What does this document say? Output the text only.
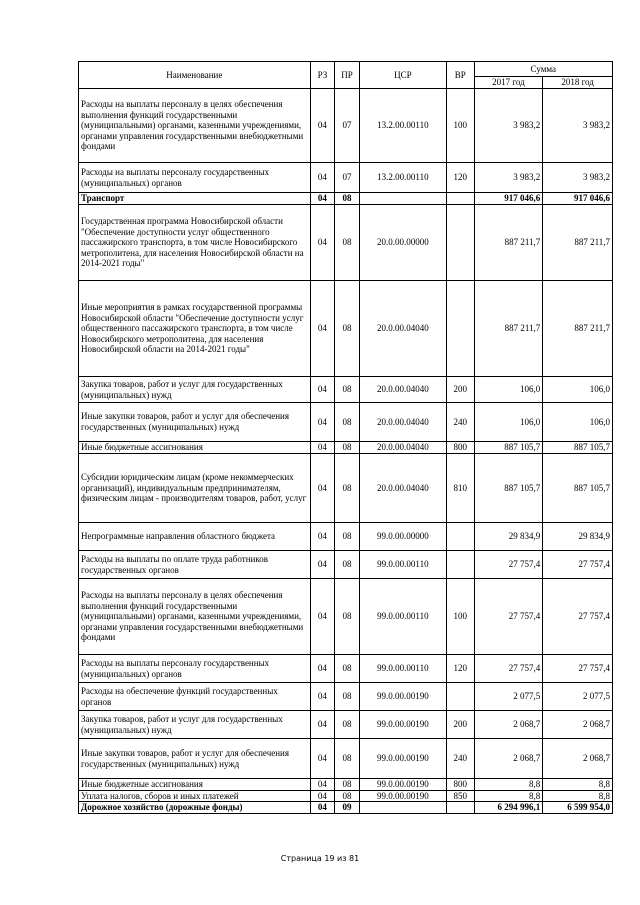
Наименование	РЗ	ПР	ЦСР	ВР	Сумма	
					2017 год	2018 год
Расходы на выплаты персоналу в целях обеспечения выполнения функций государственными (муниципальными) органами, казенными учреждениями, органами управления государственными внебюджетными фондами	04	07	13.2.00.00110	100	3 983,2	3 983,2
Расходы на выплаты персоналу государственных (муниципальных) органов	04	07	13.2.00.00110	120	3 983,2	3 983,2
Транспорт	04	08			917 046,6	917 046,6
Государственная программа Новосибирской области "Обеспечение доступности услуг общественного пассажирского транспорта, в том числе Новосибирского метрополитена, для населения Новосибирской области на 2014-2021 годы"	04	08	20.0.00.00000		887 211,7	887 211,7
Иные мероприятия в рамках государственной программы Новосибирской области "Обеспечение доступности услуг общественного пассажирского транспорта, в том числе Новосибирского метрополитена, для населения Новосибирской области на 2014-2021 годы"	04	08	20.0.00.04040		887 211,7	887 211,7
Закупка товаров, работ и услуг для государственных (муниципальных) нужд	04	08	20.0.00.04040	200	106,0	106,0
Иные закупки товаров, работ и услуг для обеспечения государственных (муниципальных) нужд	04	08	20.0.00.04040	240	106,0	106,0
Иные бюджетные ассигнования	04	08	20.0.00.04040	800	887 105,7	887 105,7
Субсидии юридическим лицам (кроме некоммерческих организаций), индивидуальным предпринимателям, физическим лицам - производителям товаров, работ, услуг	04	08	20.0.00.04040	810	887 105,7	887 105,7
Непрограммные направления областного бюджета	04	08	99.0.00.00000		29 834,9	29 834,9
Расходы на выплаты по оплате труда работников государственных органов	04	08	99.0.00.00110		27 757,4	27 757,4
Расходы на выплаты персоналу в целях обеспечения выполнения функций государственными (муниципальными) органами, казенными учреждениями, органами управления государственными внебюджетными фондами	04	08	99.0.00.00110	100	27 757,4	27 757,4
Расходы на выплаты персоналу государственных (муниципальных) органов	04	08	99.0.00.00110	120	27 757,4	27 757,4
Расходы на обеспечение функций государственных органов	04	08	99.0.00.00190		2 077,5	2 077,5
Закупка товаров, работ и услуг для государственных (муниципальных) нужд	04	08	99.0.00.00190	200	2 068,7	2 068,7
Иные закупки товаров, работ и услуг для обеспечения государственных (муниципальных) нужд	04	08	99.0.00.00190	240	2 068,7	2 068,7
Иные бюджетные ассигнования	04	08	99.0.00.00190	800	8,8	8,8
Уплата налогов, сборов и иных платежей	04	08	99.0.00.00190	850	8,8	8,8
Дорожное хозяйство (дорожные фонды)	04	09			6 294 996,1	6 599 954,0
Страница 19 из 81
